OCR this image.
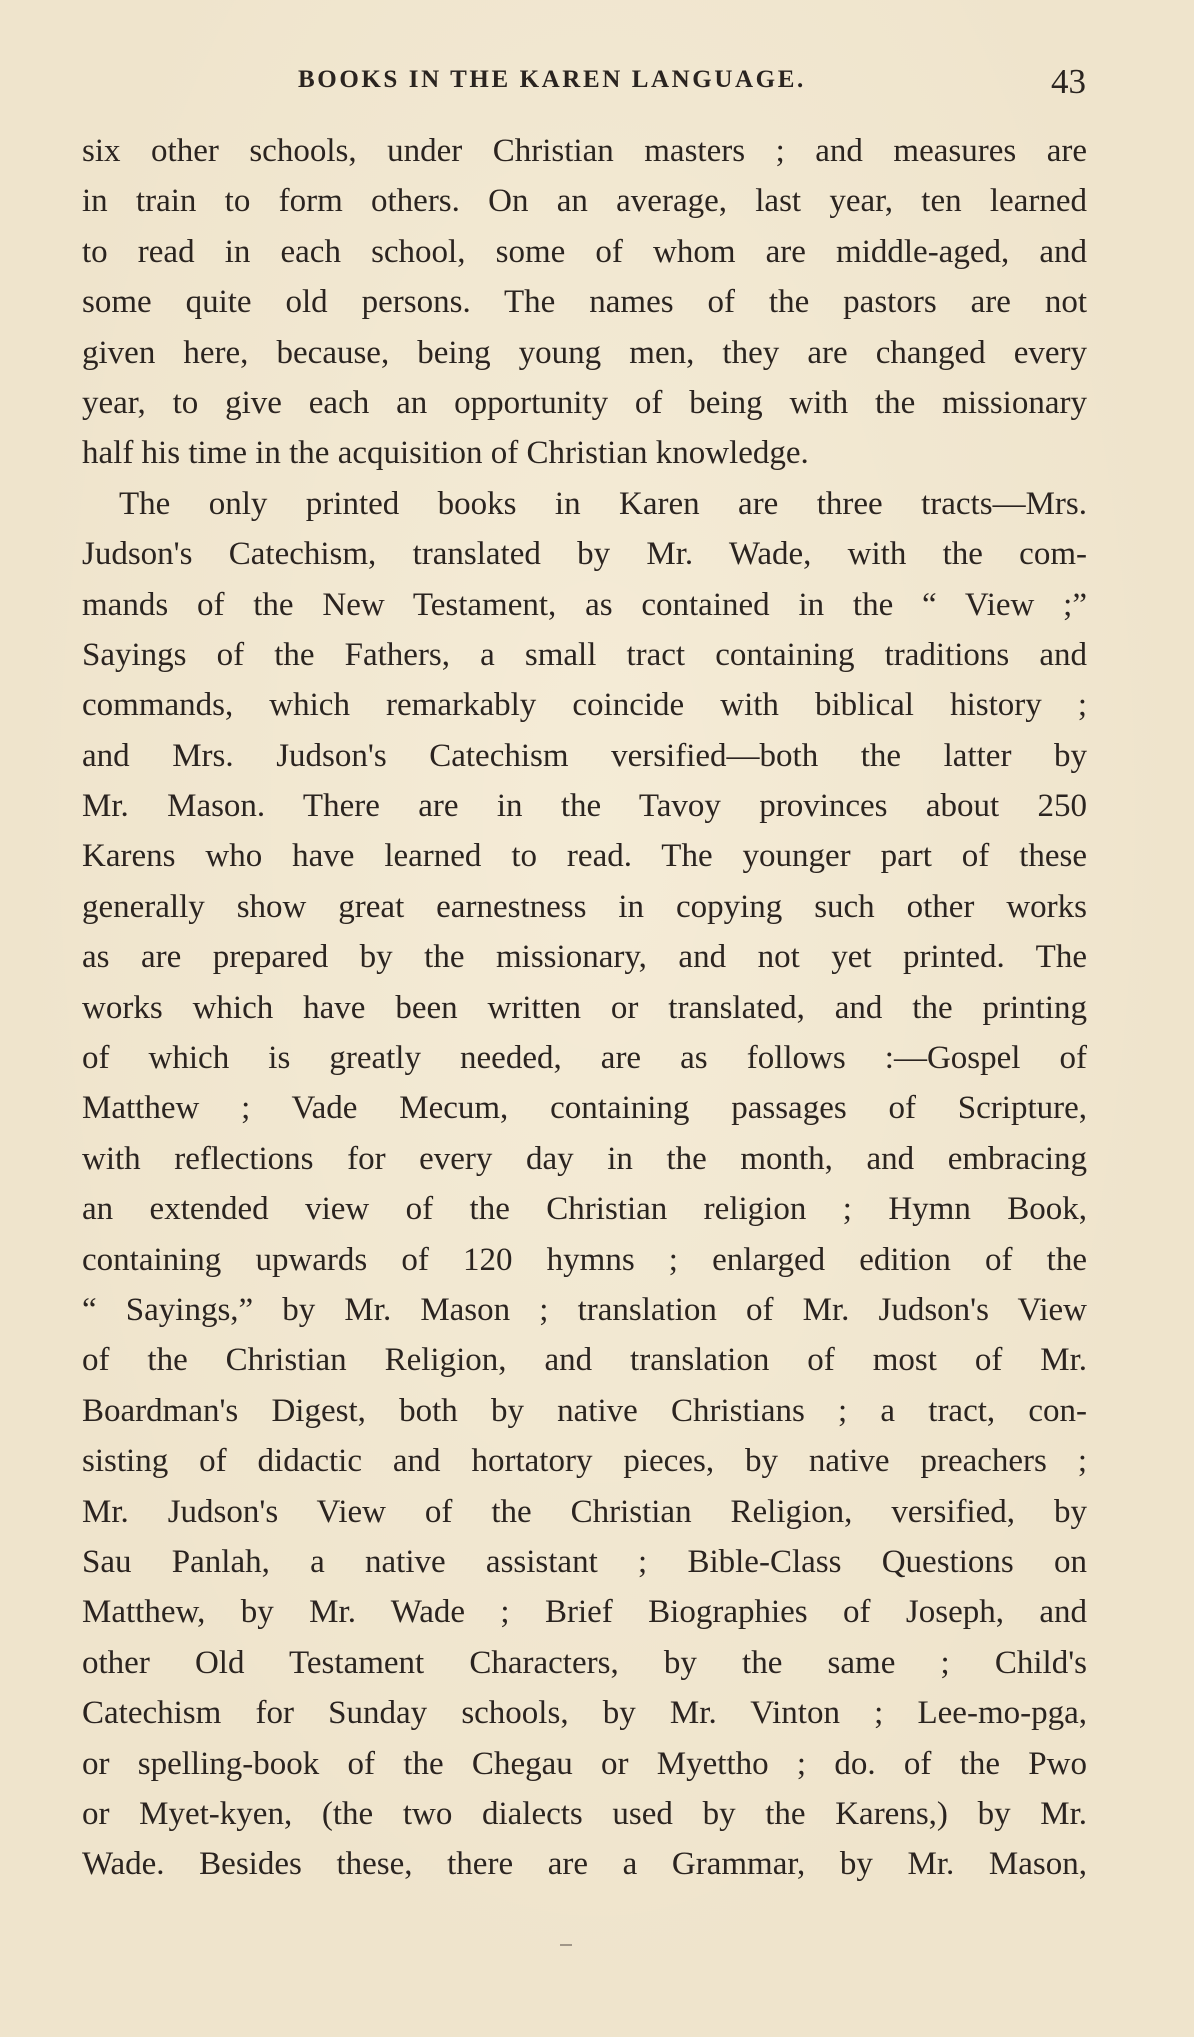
BOOKS IN THE KAREN LANGUAGE.	43
six other schools, under Christian masters ; and measures are
in train to form others. On an average, last year, ten learned
to read in each school, some of whom are middle-aged, and
some quite old persons. The names of the pastors are not
given here, because, being young men, they are changed every
year, to give each an opportunity of being with the missionary
half his time in the acquisition of Christian knowledge.
The only printed books in Karen are three tracts—Mrs.
Judson's Catechism, translated by Mr. Wade, with the com-
mands of the New Testament, as contained in the “ View ;”
Sayings of the Fathers, a small tract containing traditions and
commands, which remarkably coincide with biblical history ;
and Mrs. Judson's Catechism versified—both the latter by
Mr. Mason. There are in the Tavoy provinces about 250
Karens who have learned to read. The younger part of these
generally show great earnestness in copying such other works
as are prepared by the missionary, and not yet printed. The
works which have been written or translated, and the printing
of which is greatly needed, are as follows :—Gospel of
Matthew ; Vade Mecum, containing passages of Scripture,
with reflections for every day in the month, and embracing
an extended view of the Christian religion ; Hymn Book,
containing upwards of 120 hymns ; enlarged edition of the
“ Sayings,” by Mr. Mason ; translation of Mr. Judson's View
of the Christian Religion, and translation of most of Mr.
Boardman's Digest, both by native Christians ; a tract, con-
sisting of didactic and hortatory pieces, by native preachers ;
Mr. Judson's View of the Christian Religion, versified, by
Sau Panlah, a native assistant ; Bible-Class Questions on
Matthew, by Mr. Wade ; Brief Biographies of Joseph, and
other Old Testament Characters, by the same ; Child's
Catechism for Sunday schools, by Mr. Vinton ; Lee-mo-pga,
or spelling-book of the Chegau or Myettho ; do. of the Pwo
or Myet-kyen, (the two dialects used by the Karens,) by Mr.
Wade. Besides these, there are a Grammar, by Mr. Mason,
